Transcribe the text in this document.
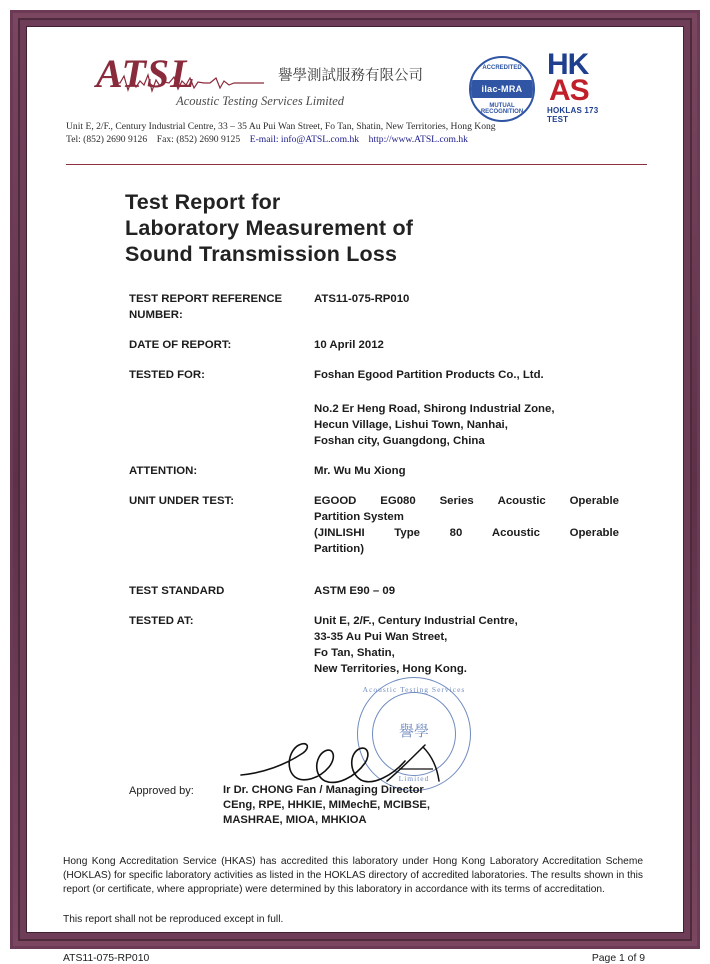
ATSL	譽學測試服務有限公司
Acoustic Testing Services Limited
ACCREDITED
ilac-MRA
MUTUAL RECOGNITION
HK
AS
HOKLAS 173
TEST
Unit E, 2/F., Century Industrial Centre, 33 – 35 Au Pui Wan Street, Fo Tan, Shatin, New Territories, Hong Kong
Tel: (852) 2690 9126 Fax: (852) 2690 9125 E-mail: info@ATSL.com.hk http://www.ATSL.com.hk
Test Report for
Laboratory Measurement of
Sound Transmission Loss
TEST REPORT REFERENCE NUMBER:
ATS11-075-RP010
DATE OF REPORT:	10 April 2012
TESTED FOR:	Foshan Egood Partition Products Co., Ltd.
No.2 Er Heng Road, Shirong Industrial Zone,
Hecun Village, Lishui Town, Nanhai,
Foshan city, Guangdong, China
ATTENTION:	Mr. Wu Mu Xiong
UNIT UNDER TEST:	EGOOD EG080 Series Acoustic Operable
Partition System
(JINLISHI	Type	80	Acoustic	Operable
Partition)
TEST STANDARD	ASTM E90 – 09
TESTED AT:	Unit E, 2/F., Century Industrial Centre,
33-35 Au Pui Wan Street,
Fo Tan, Shatin,
New Territories, Hong Kong.
Acoustic Testing Services
譽學
Limited
Approved by:	Ir Dr. CHONG Fan / Managing Director
CEng, RPE, HHKIE, MIMechE, MCIBSE,
MASHRAE, MIOA, MHKIOA
Hong Kong Accreditation Service (HKAS) has accredited this laboratory under Hong Kong Laboratory Accreditation Scheme (HOKLAS) for specific laboratory activities as listed in the HOKLAS directory of accredited laboratories. The results shown in this report (or certificate, where appropriate) were determined by this laboratory in accordance with its terms of accreditation.
This report shall not be reproduced except in full.
ATS11-075-RP010	Page 1 of 9
